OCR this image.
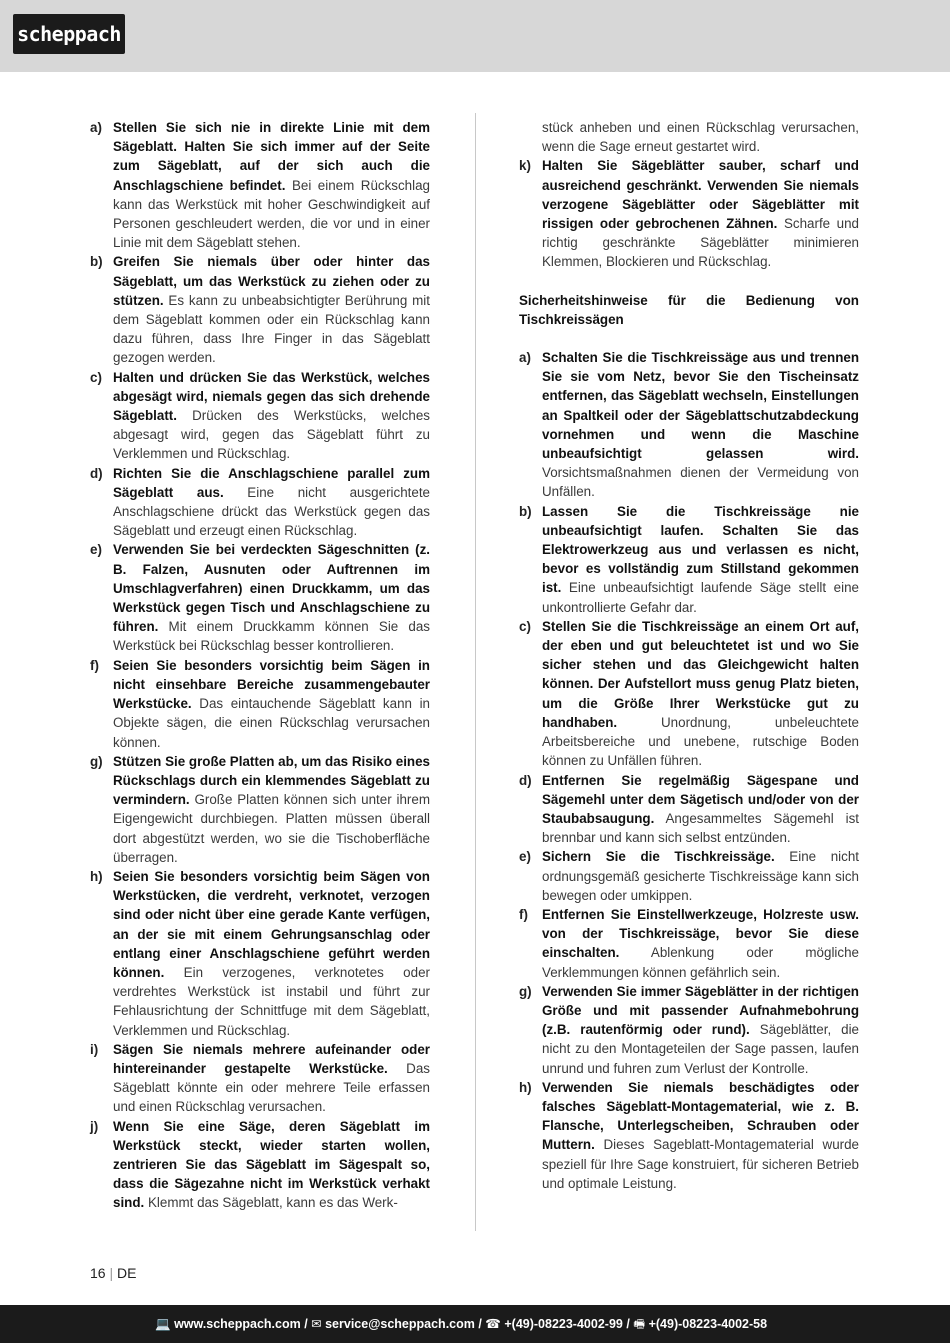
scheppach
a) Stellen Sie sich nie in direkte Linie mit dem Sägeblatt. Halten Sie sich immer auf der Seite zum Sägeblatt, auf der sich auch die Anschlagschiene befindet. Bei einem Rückschlag kann das Werkstück mit hoher Geschwindigkeit auf Personen geschleudert werden, die vor und in einer Linie mit dem Sägeblatt stehen.
b) Greifen Sie niemals über oder hinter das Sägeblatt, um das Werkstück zu ziehen oder zu stützen. Es kann zu unbeabsichtigter Berührung mit dem Sägeblatt kommen oder ein Rückschlag kann dazu führen, dass Ihre Finger in das Sägeblatt gezogen werden.
c) Halten und drücken Sie das Werkstück, welches abgesägt wird, niemals gegen das sich drehende Sägeblatt. Drücken des Werkstücks, welches abgesagt wird, gegen das Sägeblatt führt zu Verklemmen und Rückschlag.
d) Richten Sie die Anschlagschiene parallel zum Sägeblatt aus. Eine nicht ausgerichtete Anschlagschiene drückt das Werkstück gegen das Sägeblatt und erzeugt einen Rückschlag.
e) Verwenden Sie bei verdeckten Sägeschnitten (z. B. Falzen, Ausnuten oder Auftrennen im Umschlagverfahren) einen Druckkamm, um das Werkstück gegen Tisch und Anschlagschiene zu führen. Mit einem Druckkamm können Sie das Werkstück bei Rückschlag besser kontrollieren.
f) Seien Sie besonders vorsichtig beim Sägen in nicht einsehbare Bereiche zusammengebauter Werkstücke. Das eintauchende Sägeblatt kann in Objekte sägen, die einen Rückschlag verursachen können.
g) Stützen Sie große Platten ab, um das Risiko eines Rückschlags durch ein klemmendes Sägeblatt zu vermindern. Große Platten können sich unter ihrem Eigengewicht durchbiegen. Platten müssen überall dort abgestützt werden, wo sie die Tischoberfläche überragen.
h) Seien Sie besonders vorsichtig beim Sägen von Werkstücken, die verdreht, verknotet, verzogen sind oder nicht über eine gerade Kante verfügen, an der sie mit einem Gehrungsanschlag oder entlang einer Anschlagschiene geführt werden können. Ein verzogenes, verknotetes oder verdrehtes Werkstück ist instabil und führt zur Fehlausrichtung der Schnittfuge mit dem Sägeblatt, Verklemmen und Rückschlag.
i) Sägen Sie niemals mehrere aufeinander oder hintereinander gestapelte Werkstücke. Das Sägeblatt könnte ein oder mehrere Teile erfassen und einen Rückschlag verursachen.
j) Wenn Sie eine Säge, deren Sägeblatt im Werkstück steckt, wieder starten wollen, zentrieren Sie das Sägeblatt im Sägespalt so, dass die Sägezahne nicht im Werkstück verhakt sind. Klemmt das Sägeblatt, kann es das Werk-
stück anheben und einen Rückschlag verursachen, wenn die Sage erneut gestartet wird.
k) Halten Sie Sägeblätter sauber, scharf und ausreichend geschränkt. Verwenden Sie niemals verzogene Sägeblätter oder Sägeblätter mit rissigen oder gebrochenen Zähnen. Scharfe und richtig geschränkte Sägeblätter minimieren Klemmen, Blockieren und Rückschlag.
Sicherheitshinweise für die Bedienung von Tischkreissägen
a) Schalten Sie die Tischkreissäge aus und trennen Sie sie vom Netz, bevor Sie den Tischeinsatz entfernen, das Sägeblatt wechseln, Einstellungen an Spaltkeil oder der Sägeblattschutzabdeckung vornehmen und wenn die Maschine unbeaufsichtigt gelassen wird. Vorsichtsmaßnahmen dienen der Vermeidung von Unfällen.
b) Lassen Sie die Tischkreissäge nie unbeaufsichtigt laufen. Schalten Sie das Elektrowerkzeug aus und verlassen es nicht, bevor es vollständig zum Stillstand gekommen ist. Eine unbeaufsichtigt laufende Säge stellt eine unkontrollierte Gefahr dar.
c) Stellen Sie die Tischkreissäge an einem Ort auf, der eben und gut beleuchtetet ist und wo Sie sicher stehen und das Gleichgewicht halten können. Der Aufstellort muss genug Platz bieten, um die Größe Ihrer Werkstücke gut zu handhaben. Unordnung, unbeleuchtete Arbeitsbereiche und unebene, rutschige Boden können zu Unfällen führen.
d) Entfernen Sie regelmäßig Sägespane und Sägemehl unter dem Sägetisch und/oder von der Staubabsaugung. Angesammeltes Sägemehl ist brennbar und kann sich selbst entzünden.
e) Sichern Sie die Tischkreissäge. Eine nicht ordnungsgemäß gesicherte Tischkreissäge kann sich bewegen oder umkippen.
f) Entfernen Sie Einstellwerkzeuge, Holzreste usw. von der Tischkreissäge, bevor Sie diese einschalten. Ablenkung oder mögliche Verklemmungen können gefährlich sein.
g) Verwenden Sie immer Sägeblätter in der richtigen Größe und mit passender Aufnahmebohrung (z.B. rautenförmig oder rund). Sägeblätter, die nicht zu den Montageteilen der Sage passen, laufen unrund und fuhren zum Verlust der Kontrolle.
h) Verwenden Sie niemals beschädigtes oder falsches Sägeblatt-Montagematerial, wie z. B. Flansche, Unterlegscheiben, Schrauben oder Muttern. Dieses Sageblatt-Montagematerial wurde speziell für Ihre Sage konstruiert, für sicheren Betrieb und optimale Leistung.
16 | DE
💻 www.scheppach.com / ✉ service@scheppach.com / ☎ +(49)-08223-4002-99 / 🖷 +(49)-08223-4002-58
